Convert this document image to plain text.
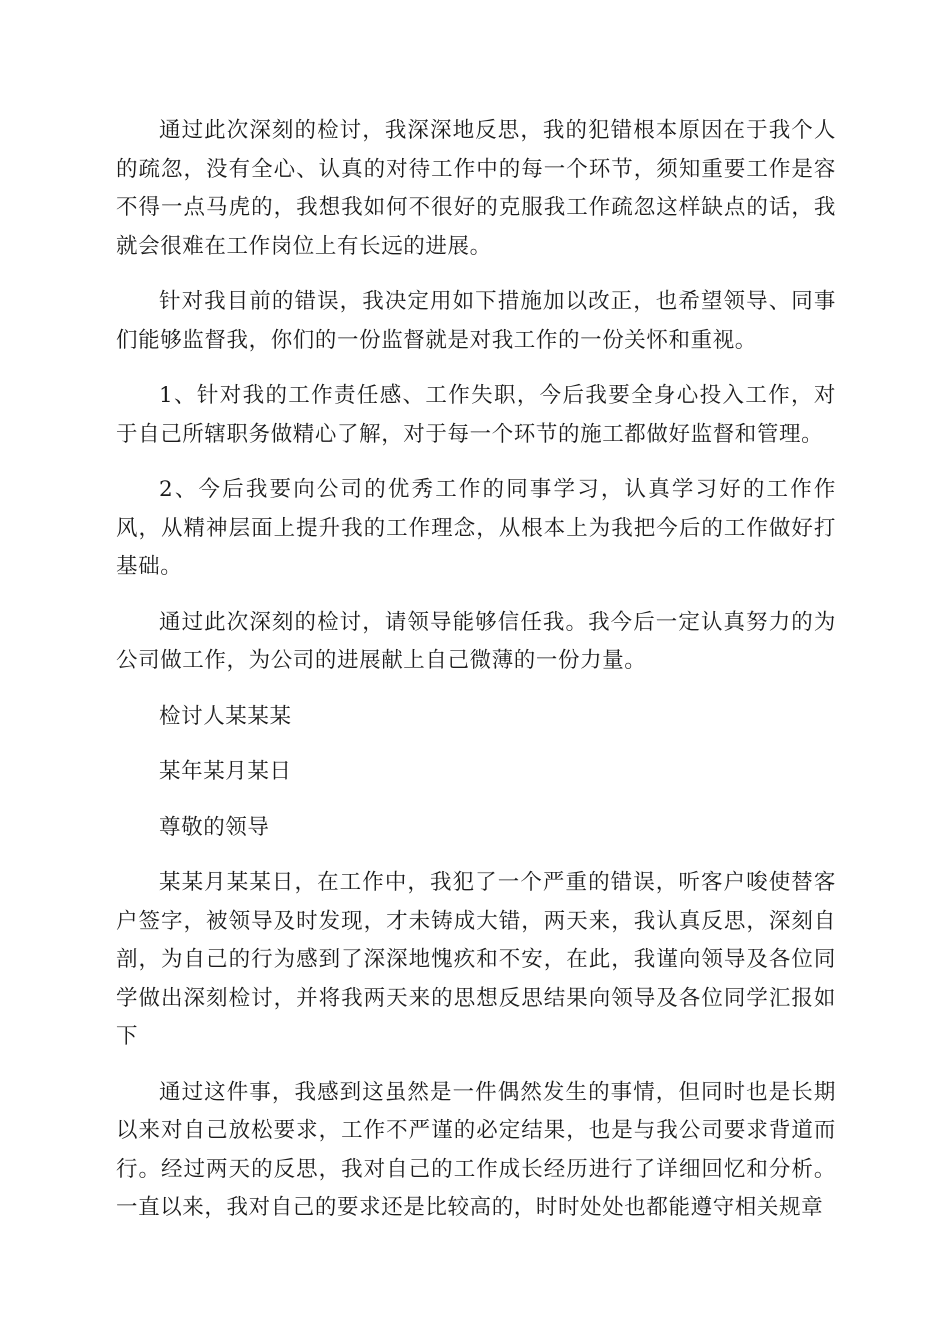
通过此次深刻的检讨，我深深地反思，我的犯错根本原因在于我个人的疏忽，没有全心、认真的对待工作中的每一个环节，须知重要工作是容不得一点马虎的，我想我如何不很好的克服我工作疏忽这样缺点的话，我就会很难在工作岗位上有长远的进展。

针对我目前的错误，我决定用如下措施加以改正，也希望领导、同事们能够监督我，你们的一份监督就是对我工作的一份关怀和重视。

1、针对我的工作责任感、工作失职，今后我要全身心投入工作，对于自己所辖职务做精心了解，对于每一个环节的施工都做好监督和管理。

2、今后我要向公司的优秀工作的同事学习，认真学习好的工作作风，从精神层面上提升我的工作理念，从根本上为我把今后的工作做好打基础。

通过此次深刻的检讨，请领导能够信任我。我今后一定认真努力的为公司做工作，为公司的进展献上自己微薄的一份力量。

检讨人某某某

某年某月某日

尊敬的领导

某某月某某日，在工作中，我犯了一个严重的错误，听客户唆使替客户签字，被领导及时发现，才未铸成大错，两天来，我认真反思，深刻自剖，为自己的行为感到了深深地愧疚和不安，在此，我谨向领导及各位同学做出深刻检讨，并将我两天来的思想反思结果向领导及各位同学汇报如下

通过这件事，我感到这虽然是一件偶然发生的事情，但同时也是长期以来对自己放松要求，工作不严谨的必定结果，也是与我公司要求背道而行。经过两天的反思，我对自己的工作成长经历进行了详细回忆和分析。一直以来，我对自己的要求还是比较高的，时时处处也都能遵守相关规章
